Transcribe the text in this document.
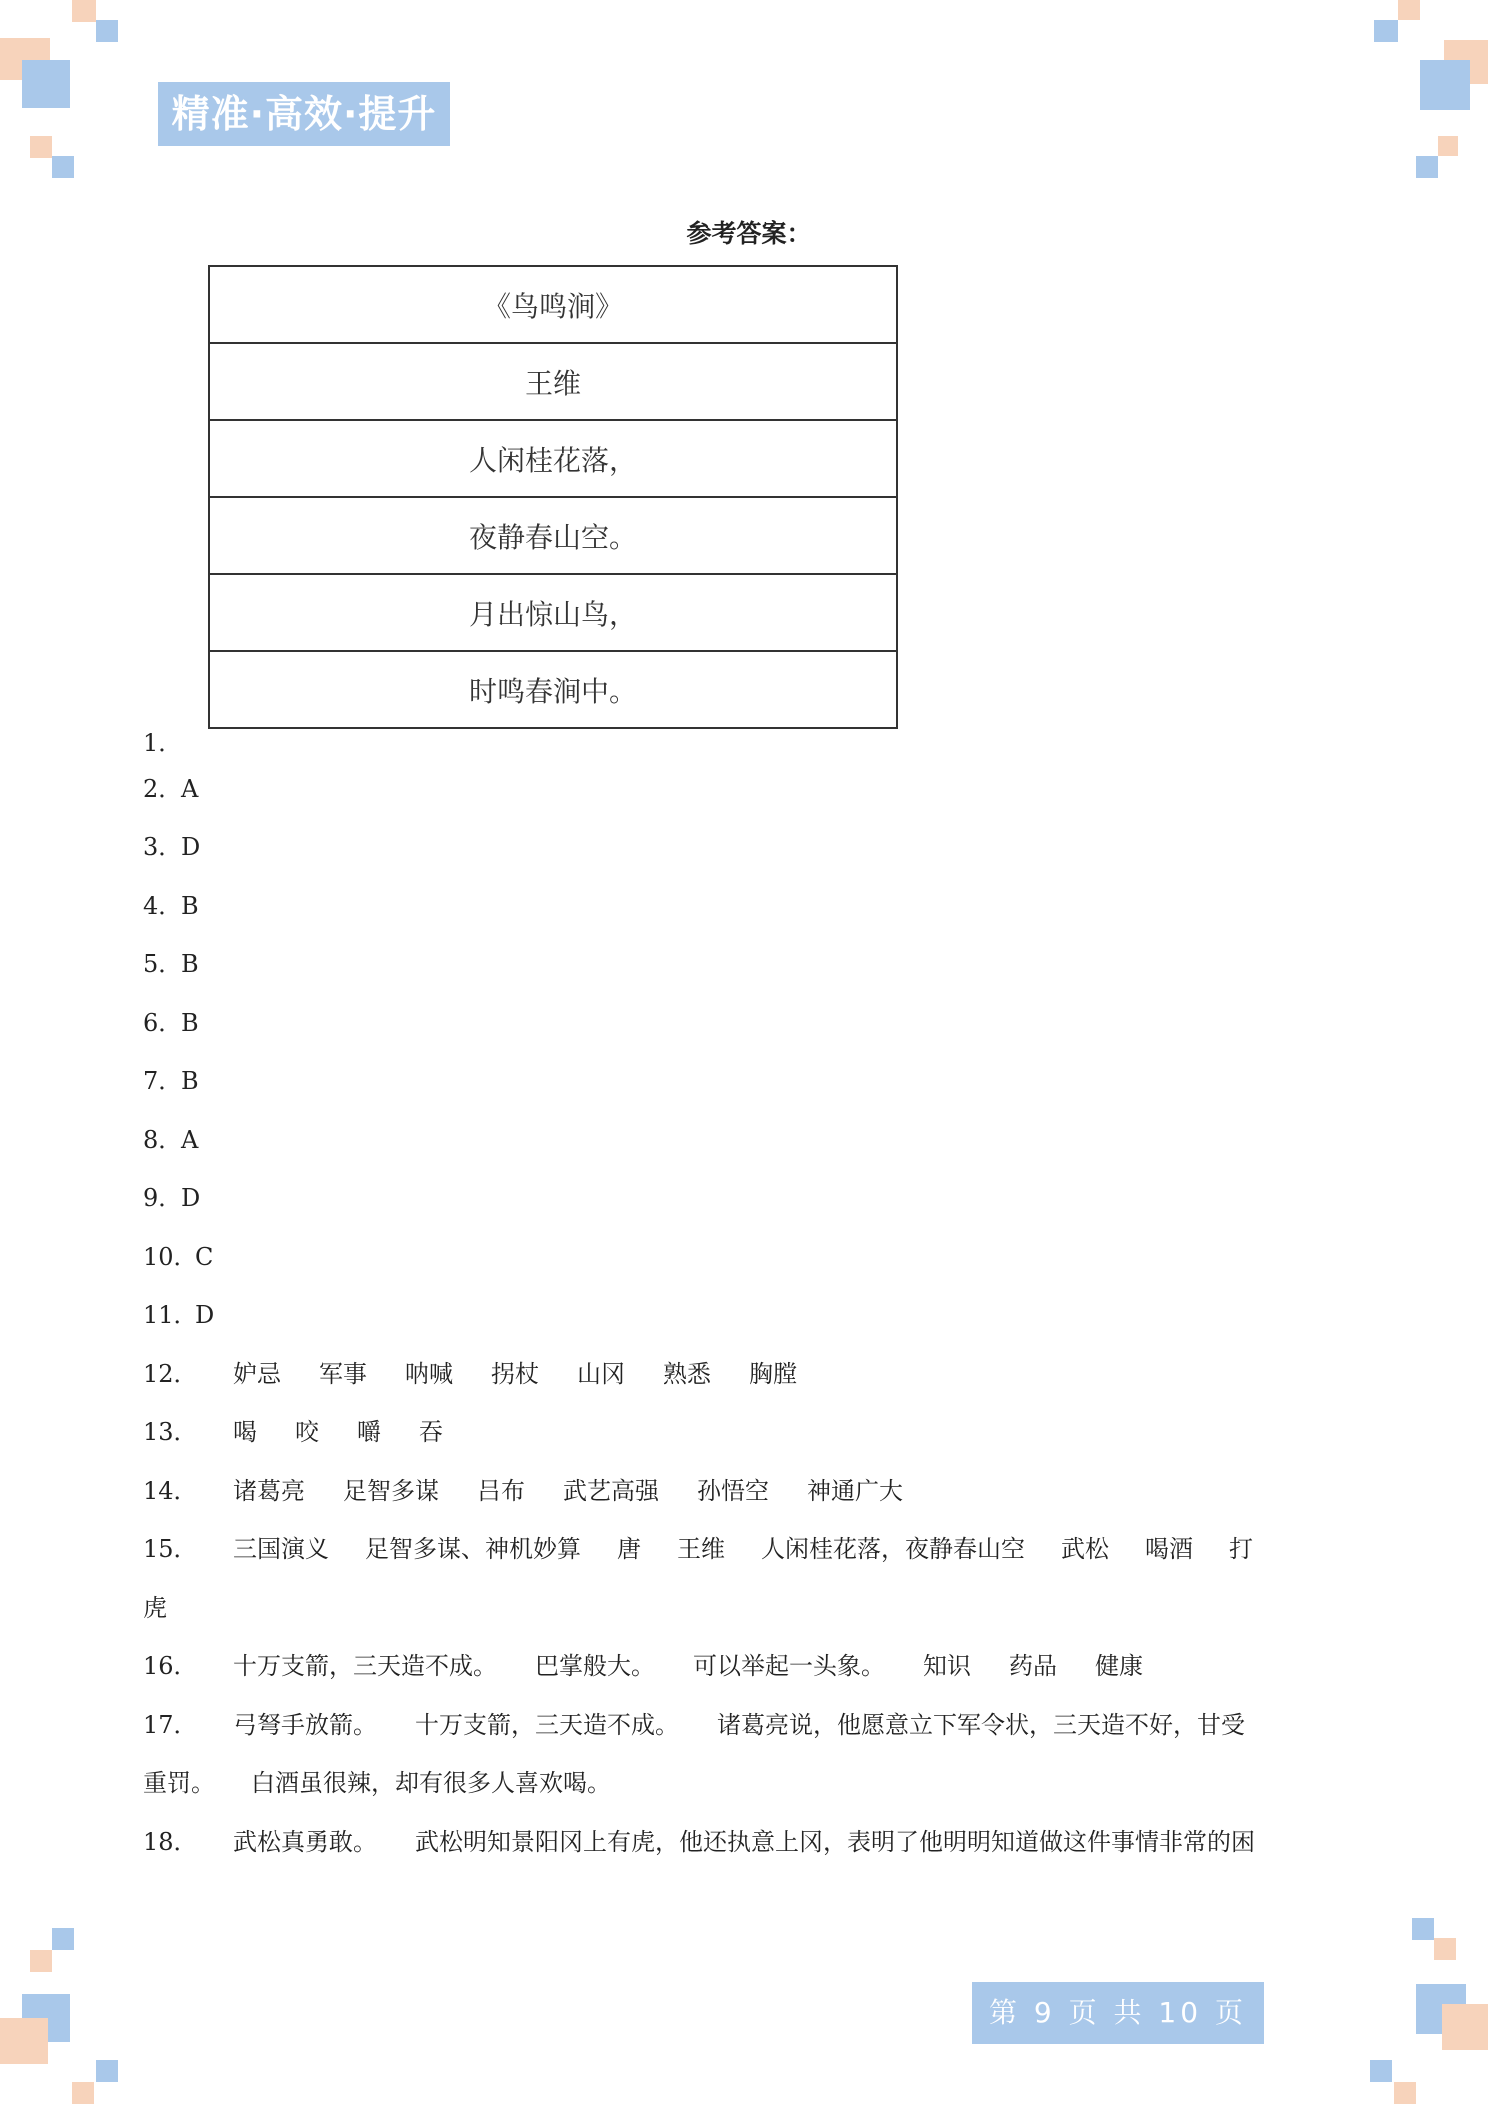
精准·高效·提升
参考答案：
《鸟鸣涧》
王维
人闲桂花落，
夜静春山空。
月出惊山鸟，
时鸣春涧中。
1．
2．A
3．D
4．B
5．B
6．B
7．B
8．A
9．D
10．C
11．D
12． 妒忌 军事 呐喊 拐杖 山冈 熟悉 胸膛
13． 喝 咬 嚼 吞
14． 诸葛亮 足智多谋 吕布 武艺高强 孙悟空 神通广大
15． 三国演义 足智多谋、神机妙算 唐 王维 人闲桂花落，夜静春山空 武松 喝酒 打
虎
16． 十万支箭，三天造不成。 巴掌般大。 可以举起一头象。 知识 药品 健康
17． 弓弩手放箭。 十万支箭，三天造不成。 诸葛亮说，他愿意立下军令状，三天造不好，甘受
重罚。　　白酒虽很辣，却有很多人喜欢喝。
18． 武松真勇敢。 武松明知景阳冈上有虎，他还执意上冈，表明了他明明知道做这件事情非常的困
第 9 页 共 10 页
